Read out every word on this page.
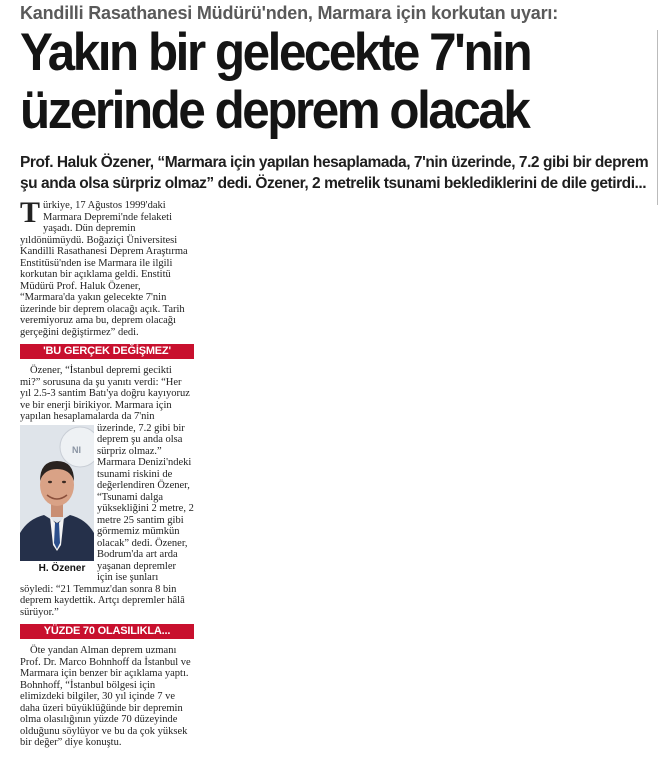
Kandilli Rasathanesi Müdürü'nden, Marmara için korkutan uyarı:
Yakın bir gelecekte 7'nin
üzerinde deprem olacak
Prof. Haluk Özener, “Marmara için yapılan hesaplamada, 7'nin üzerinde, 7.2 gibi bir deprem
şu anda olsa sürpriz olmaz” dedi. Özener, 2 metrelik tsunami beklediklerini de dile getirdi...

Türkiye, 17 Ağustos 1999'daki Marmara Depremi'nde felaketi yaşadı. Dün depremin yıldönümüydü. Boğaziçi Üniversitesi Kandilli Rasathanesi Deprem Araştırma Enstitüsü'nden ise Marmara ile ilgili korkutan bir açıklama geldi. Enstitü Müdürü Prof. Haluk Özener, “Marmara'da yakın gelecekte 7'nin üzerinde bir deprem olacağı açık. Tarih veremiyoruz ama bu, deprem olacağı gerçeğini değiştirmez” dedi.

'BU GERÇEK DEĞİŞMEZ'

Özener, “İstanbul depremi gecikti mi?” sorusuna da şu yanıtı verdi: “Her yıl 2.5-3 santim Batı'ya doğru kayıyoruz ve bir enerji birikiyor. Marmara için yapılan hesaplamalarda da 7'nin
NI
H. Özener
üzerinde, 7.2 gibi bir deprem şu anda olsa sürpriz olmaz.” Marmara Denizi'ndeki tsunami riskini de değerlendiren Özener, “Tsunami dalga yüksekliğini 2 metre, 2 metre 25 santim gibi görmemiz mümkün olacak” dedi. Özener, Bodrum'da art arda yaşanan depremler için ise şunları söyledi: “21 Temmuz'dan sonra 8 bin deprem kaydettik. Artçı depremler hâlâ sürüyor.”

YÜZDE 70 OLASILIKLA...

Öte yandan Alman deprem uzmanı Prof. Dr. Marco Bohnhoff da İstanbul ve Marmara için benzer bir açıklama yaptı. Bohnhoff, “İstanbul bölgesi için elimizdeki bilgiler, 30 yıl içinde 7 ve daha üzeri büyüklüğünde bir depremin olma olasılığının yüzde 70 düzeyinde olduğunu söylüyor ve bu da çok yüksek bir değer” diye konuştu.
